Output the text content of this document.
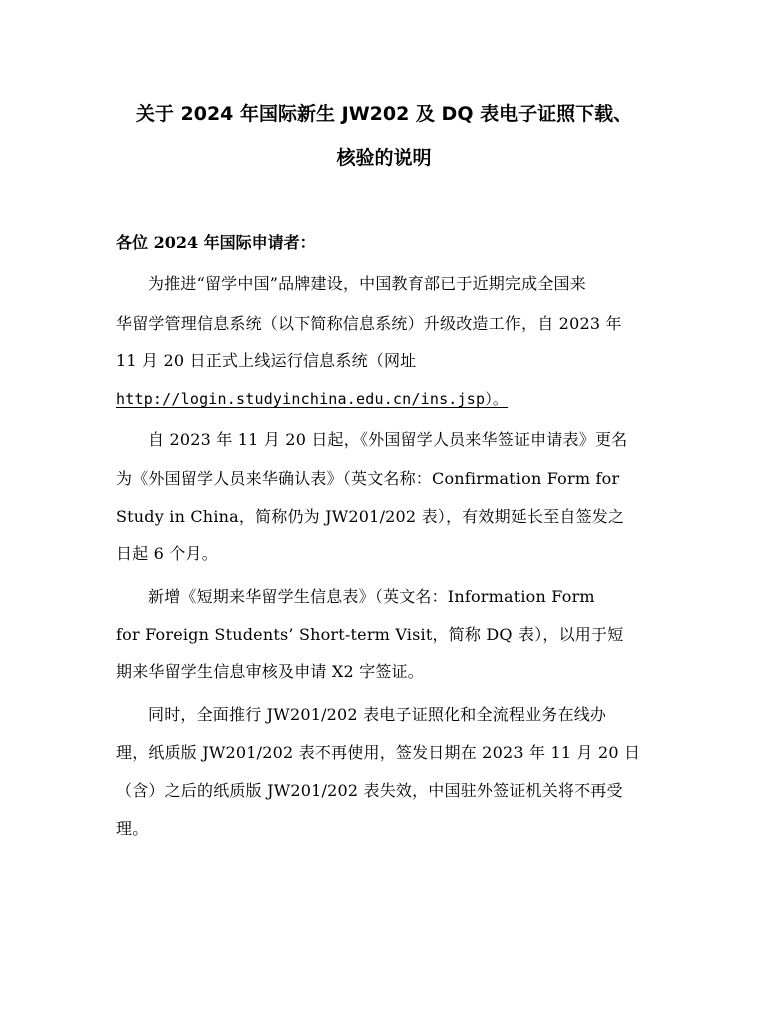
关于 2024 年国际新生 JW202 及 DQ 表电子证照下载、
核验的说明
各位 2024 年国际申请者：
为推进“留学中国”品牌建设，中国教育部已于近期完成全国来
华留学管理信息系统（以下简称信息系统）升级改造工作，自 2023 年
11 月 20 日正式上线运行信息系统（网址
http://login.studyinchina.edu.cn/ins.jsp）。
自 2023 年 11 月 20 日起，《外国留学人员来华签证申请表》更名
为《外国留学人员来华确认表》（英文名称：Confirmation Form for
Study in China，简称仍为 JW201/202 表），有效期延长至自签发之
日起 6 个月。
新增《短期来华留学生信息表》（英文名：Information Form
for Foreign Students’ Short-term Visit，简称 DQ 表），以用于短
期来华留学生信息审核及申请 X2 字签证。
同时，全面推行 JW201/202 表电子证照化和全流程业务在线办
理，纸质版 JW201/202 表不再使用，签发日期在 2023 年 11 月 20 日
（含）之后的纸质版 JW201/202 表失效，中国驻外签证机关将不再受
理。
